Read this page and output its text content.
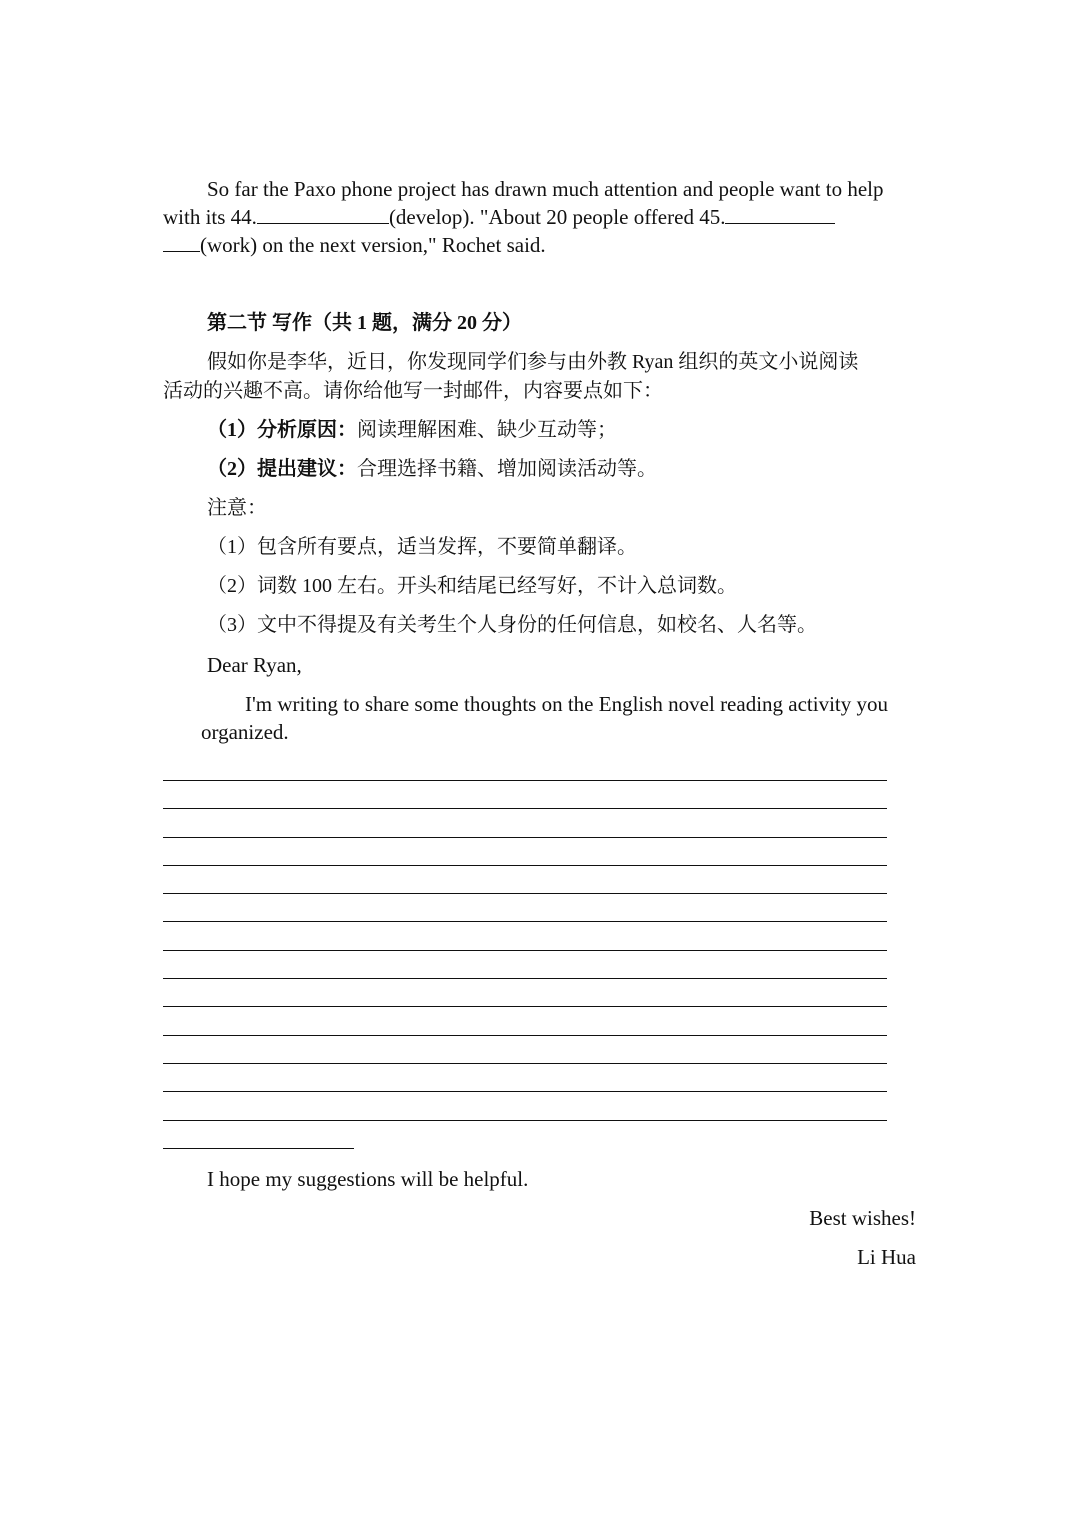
So far the Paxo phone project has drawn much attention and people want to help
with its 44.	(develop). "About 20 people offered 45.
(work) on the next version," Rochet said.
第二节 写作（共 1 题，满分 20 分）
假如你是李华，近日，你发现同学们参与由外教 Ryan 组织的英文小说阅读
活动的兴趣不高。请你给他写一封邮件，内容要点如下：
（1）分析原因：阅读理解困难、缺少互动等；
（2）提出建议：合理选择书籍、增加阅读活动等。
注意：
（1）包含所有要点，适当发挥，不要简单翻译。
（2）词数 100 左右。开头和结尾已经写好，不计入总词数。
（3）文中不得提及有关考生个人身份的任何信息，如校名、人名等。
Dear Ryan,
I'm writing to share some thoughts on the English novel reading activity you
organized.
I hope my suggestions will be helpful.
Best wishes!
Li Hua
